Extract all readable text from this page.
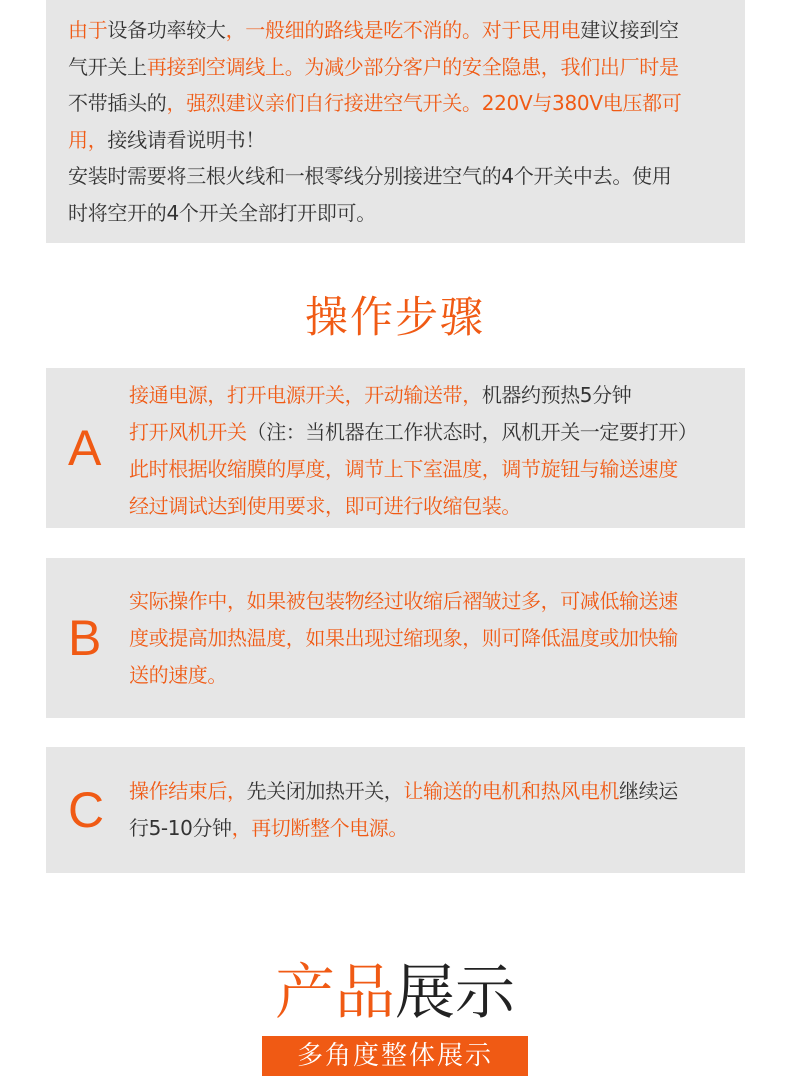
由于设备功率较大，一般细的路线是吃不消的。对于民用电建议接到空

气开关上再接到空调线上。为减少部分客户的安全隐患，我们出厂时是

不带插头的，强烈建议亲们自行接进空气开关。220V与380V电压都可

用，接线请看说明书！

安装时需要将三根火线和一根零线分别接进空气的4个开关中去。使用

时将空开的4个开关全部打开即可。

操作步骤
A

接通电源，打开电源开关，开动输送带，机器约预热5分钟

打开风机开关（注：当机器在工作状态时，风机开关一定要打开）

此时根据收缩膜的厚度，调节上下室温度，调节旋钮与输送速度

经过调试达到使用要求，即可进行收缩包装。

B

实际操作中，如果被包装物经过收缩后褶皱过多，可减低输送速

度或提高加热温度，如果出现过缩现象，则可降低温度或加快输

送的速度。

C 操作结束后，先关闭加热开关，让输送的电机和热风电机继续运

行5-10分钟，再切断整个电源。

产品展示
多角度整体展示
